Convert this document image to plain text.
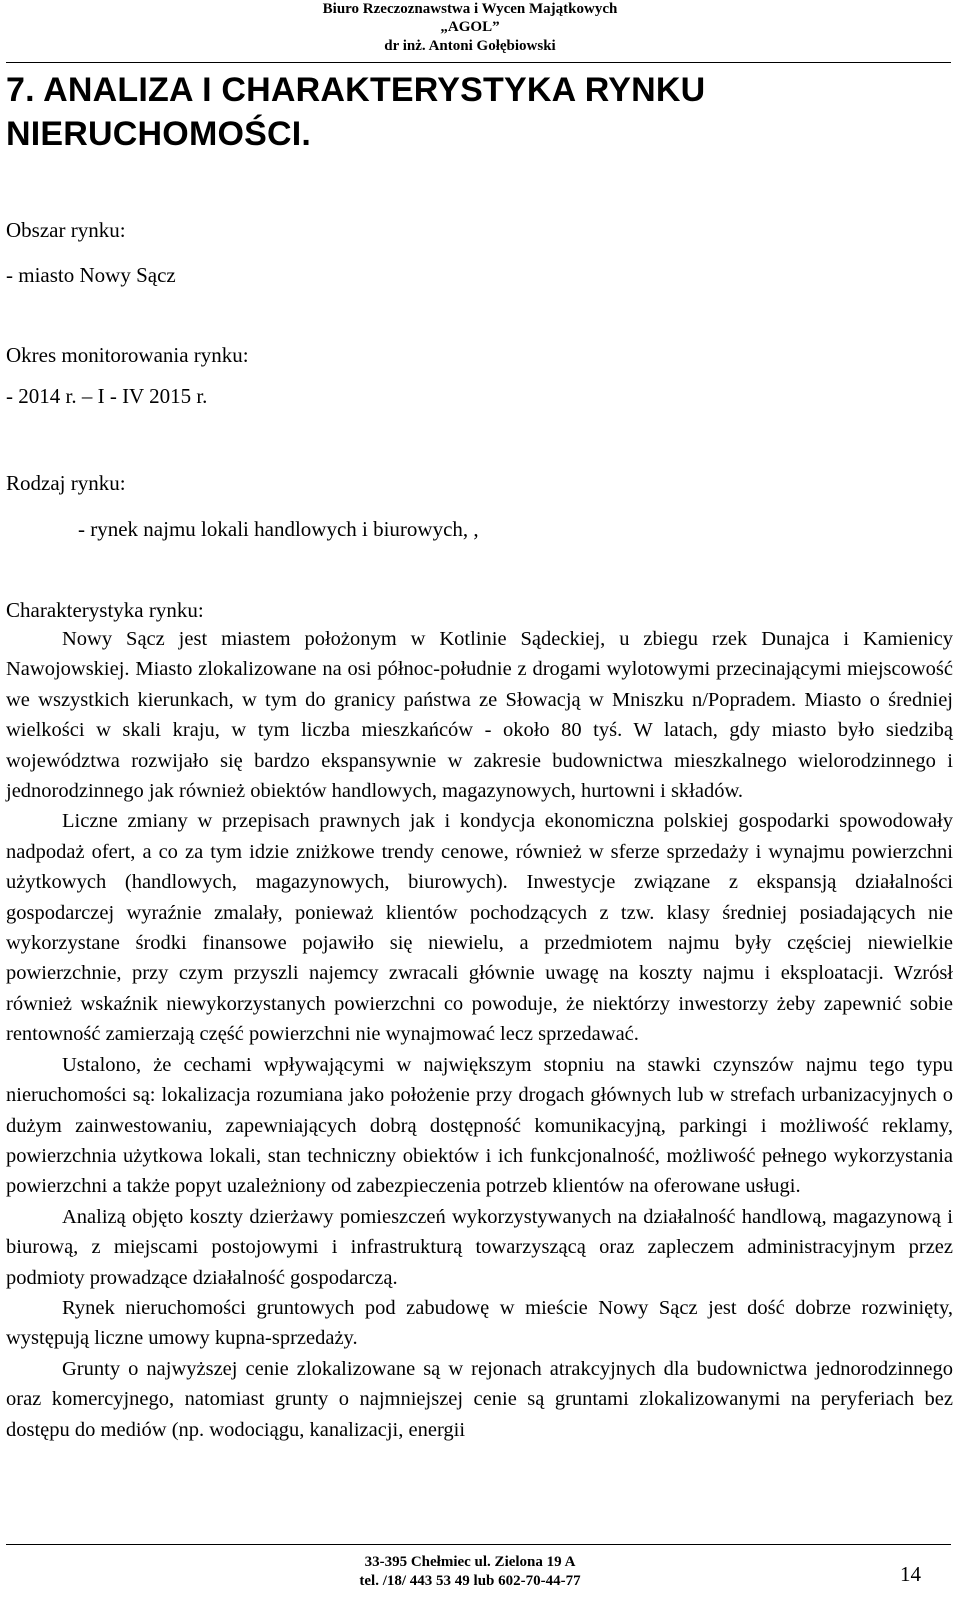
Biuro Rzeczoznawstwa i Wycen Majątkowych
„AGOL”
dr inż. Antoni Gołębiowski
7. ANALIZA I CHARAKTERYSTYKA RYNKU
NIERUCHOMOŚCI.
Obszar rynku:
- miasto Nowy Sącz
Okres monitorowania rynku:
- 2014 r. – I - IV 2015 r.
Rodzaj rynku:
- rynek najmu lokali handlowych i biurowych, ,
Charakterystyka rynku:

Nowy Sącz jest miastem położonym w Kotlinie Sądeckiej, u zbiegu rzek Dunajca i Kamienicy Nawojowskiej. Miasto zlokalizowane na osi północ-południe z drogami wylotowymi przecinającymi miejscowość we wszystkich kierunkach, w tym do granicy państwa ze Słowacją w Mniszku n/Popradem. Miasto o średniej wielkości w skali kraju, w tym liczba mieszkańców - około 80 tyś. W latach, gdy miasto było siedzibą województwa rozwijało się bardzo ekspansywnie w zakresie budownictwa mieszkalnego wielorodzinnego i jednorodzinnego jak również obiektów handlowych, magazynowych, hurtowni i składów.

Liczne zmiany w przepisach prawnych jak i kondycja ekonomiczna polskiej gospodarki spowodowały nadpodaż ofert, a co za tym idzie zniżkowe trendy cenowe, również w sferze sprzedaży i wynajmu powierzchni użytkowych (handlowych, magazynowych, biurowych). Inwestycje związane z ekspansją działalności gospodarczej wyraźnie zmalały, ponieważ klientów pochodzących z tzw. klasy średniej posiadających nie wykorzystane środki finansowe pojawiło się niewielu, a przedmiotem najmu były częściej niewielkie powierzchnie, przy czym przyszli najemcy zwracali głównie uwagę na koszty najmu i eksploatacji. Wzrósł również wskaźnik niewykorzystanych powierzchni co powoduje, że niektórzy inwestorzy żeby zapewnić sobie rentowność zamierzają część powierzchni nie wynajmować lecz sprzedawać.

Ustalono, że cechami wpływającymi w największym stopniu na stawki czynszów najmu tego typu nieruchomości są: lokalizacja rozumiana jako położenie przy drogach głównych lub w strefach urbanizacyjnych o dużym zainwestowaniu, zapewniających dobrą dostępność komunikacyjną, parkingi i możliwość reklamy, powierzchnia użytkowa lokali, stan techniczny obiektów i ich funkcjonalność, możliwość pełnego wykorzystania powierzchni a także popyt uzależniony od zabezpieczenia potrzeb klientów na oferowane usługi.

Analizą objęto koszty dzierżawy pomieszczeń wykorzystywanych na działalność handlową, magazynową i biurową, z miejscami postojowymi i infrastrukturą towarzyszącą oraz zapleczem administracyjnym przez podmioty prowadzące działalność gospodarczą.

Rynek nieruchomości gruntowych pod zabudowę w mieście Nowy Sącz jest dość dobrze rozwinięty, występują liczne umowy kupna-sprzedaży.

Grunty o najwyższej cenie zlokalizowane są w rejonach atrakcyjnych dla budownictwa jednorodzinnego oraz komercyjnego, natomiast grunty o najmniejszej cenie są gruntami zlokalizowanymi na peryferiach bez dostępu do mediów (np. wodociągu, kanalizacji, energii

33-395 Chełmiec ul. Zielona 19 A
tel. /18/ 443 53 49 lub 602-70-44-77	14
